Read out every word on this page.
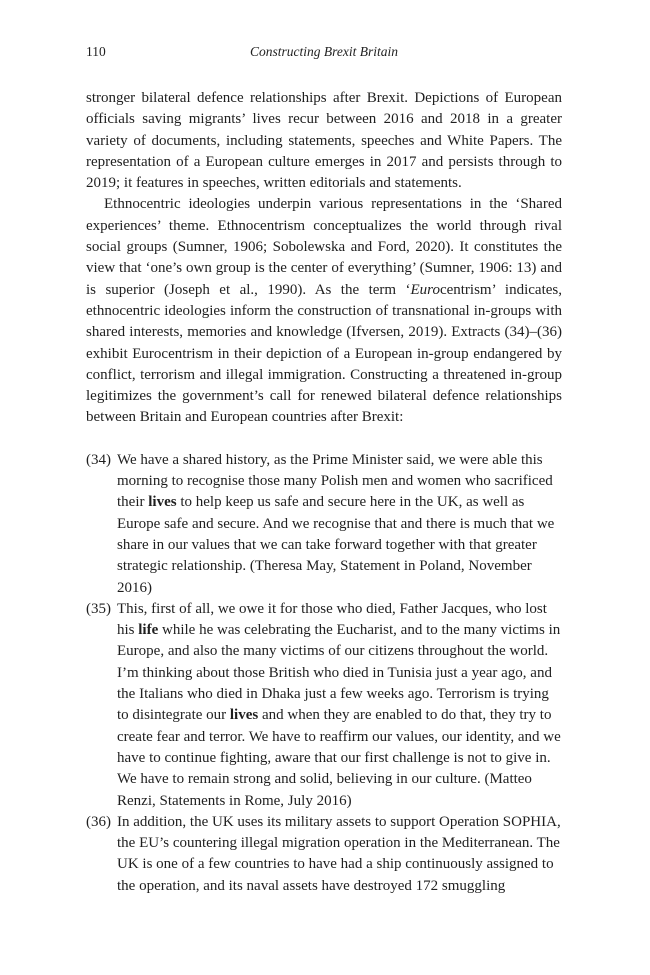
110	Constructing Brexit Britain

stronger bilateral defence relationships after Brexit. Depictions of European officials saving migrants’ lives recur between 2016 and 2018 in a greater variety of documents, including statements, speeches and White Papers. The representation of a European culture emerges in 2017 and persists through to 2019; it features in speeches, written editorials and statements.

Ethnocentric ideologies underpin various representations in the ‘Shared experiences’ theme. Ethnocentrism conceptualizes the world through rival social groups (Sumner, 1906; Sobolewska and Ford, 2020). It constitutes the view that ‘one’s own group is the center of everything’ (Sumner, 1906: 13) and is superior (Joseph et al., 1990). As the term ‘Eurocentrism’ indicates, ethnocentric ideologies inform the construction of transnational in-groups with shared interests, memories and knowledge (Ifversen, 2019). Extracts (34)–(36) exhibit Eurocentrism in their depiction of a European in-group endangered by conflict, terrorism and illegal immigration. Constructing a threatened in-group legitimizes the government’s call for renewed bilateral defence relationships between Britain and European countries after Brexit:

(34) We have a shared history, as the Prime Minister said, we were able this morning to recognise those many Polish men and women who sacrificed their lives to help keep us safe and secure here in the UK, as well as Europe safe and secure. And we recognise that and there is much that we share in our values that we can take forward together with that greater strategic relationship. (Theresa May, Statement in Poland, November 2016)
(35) This, first of all, we owe it for those who died, Father Jacques, who lost his life while he was celebrating the Eucharist, and to the many victims in Europe, and also the many victims of our citizens throughout the world. I’m thinking about those British who died in Tunisia just a year ago, and the Italians who died in Dhaka just a few weeks ago. Terrorism is trying to disintegrate our lives and when they are enabled to do that, they try to create fear and terror. We have to reaffirm our values, our identity, and we have to continue fighting, aware that our first challenge is not to give in. We have to remain strong and solid, believing in our culture. (Matteo Renzi, Statements in Rome, July 2016)
(36) In addition, the UK uses its military assets to support Operation SOPHIA, the EU’s countering illegal migration operation in the Mediterranean. The UK is one of a few countries to have had a ship continuously assigned to the operation, and its naval assets have destroyed 172 smuggling
